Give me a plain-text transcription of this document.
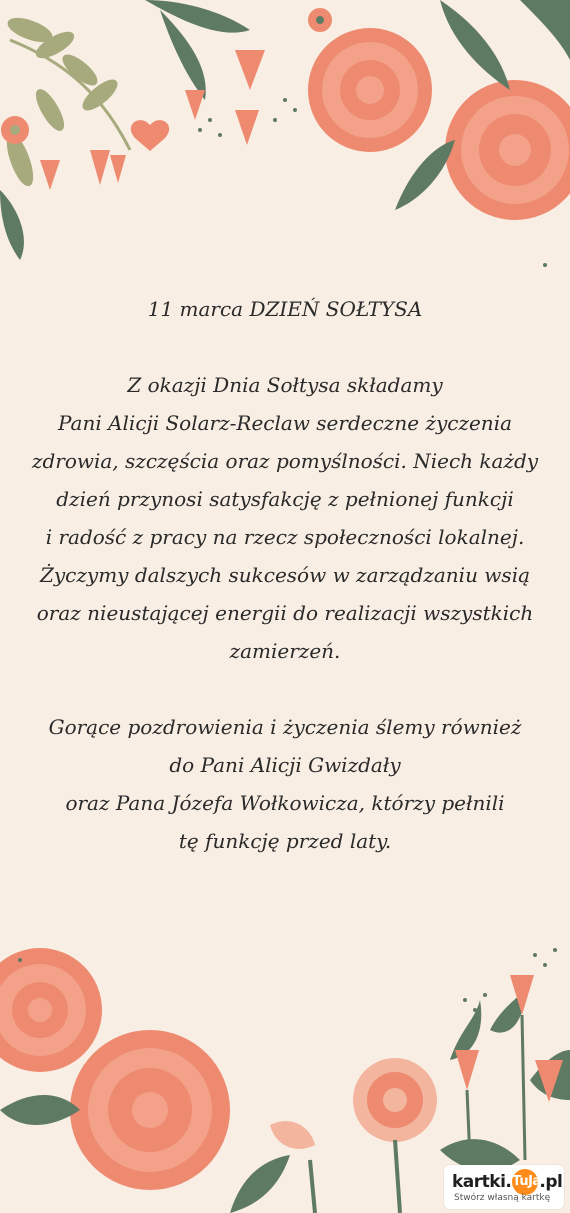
11 marca DZIEŃ SOŁTYSA
Z okazji Dnia Sołtysa składamy
Pani Alicji Solarz-Reclaw serdeczne życzenia
zdrowia, szczęścia oraz pomyślności. Niech każdy
dzień przynosi satysfakcję z pełnionej funkcji
i radość z pracy na rzecz społeczności lokalnej.
Życzymy dalszych sukcesów w zarządzaniu wsią
oraz nieustającej energii do realizacji wszystkich
zamierzeń.
Gorące pozdrowienia i życzenia ślemy również
do Pani Alicji Gwizdały
oraz Pana Józefa Wołkowicza, którzy pełnili
tę funkcję przed laty.
kartki.TuJa.pl
Stwórz własną kartkę
